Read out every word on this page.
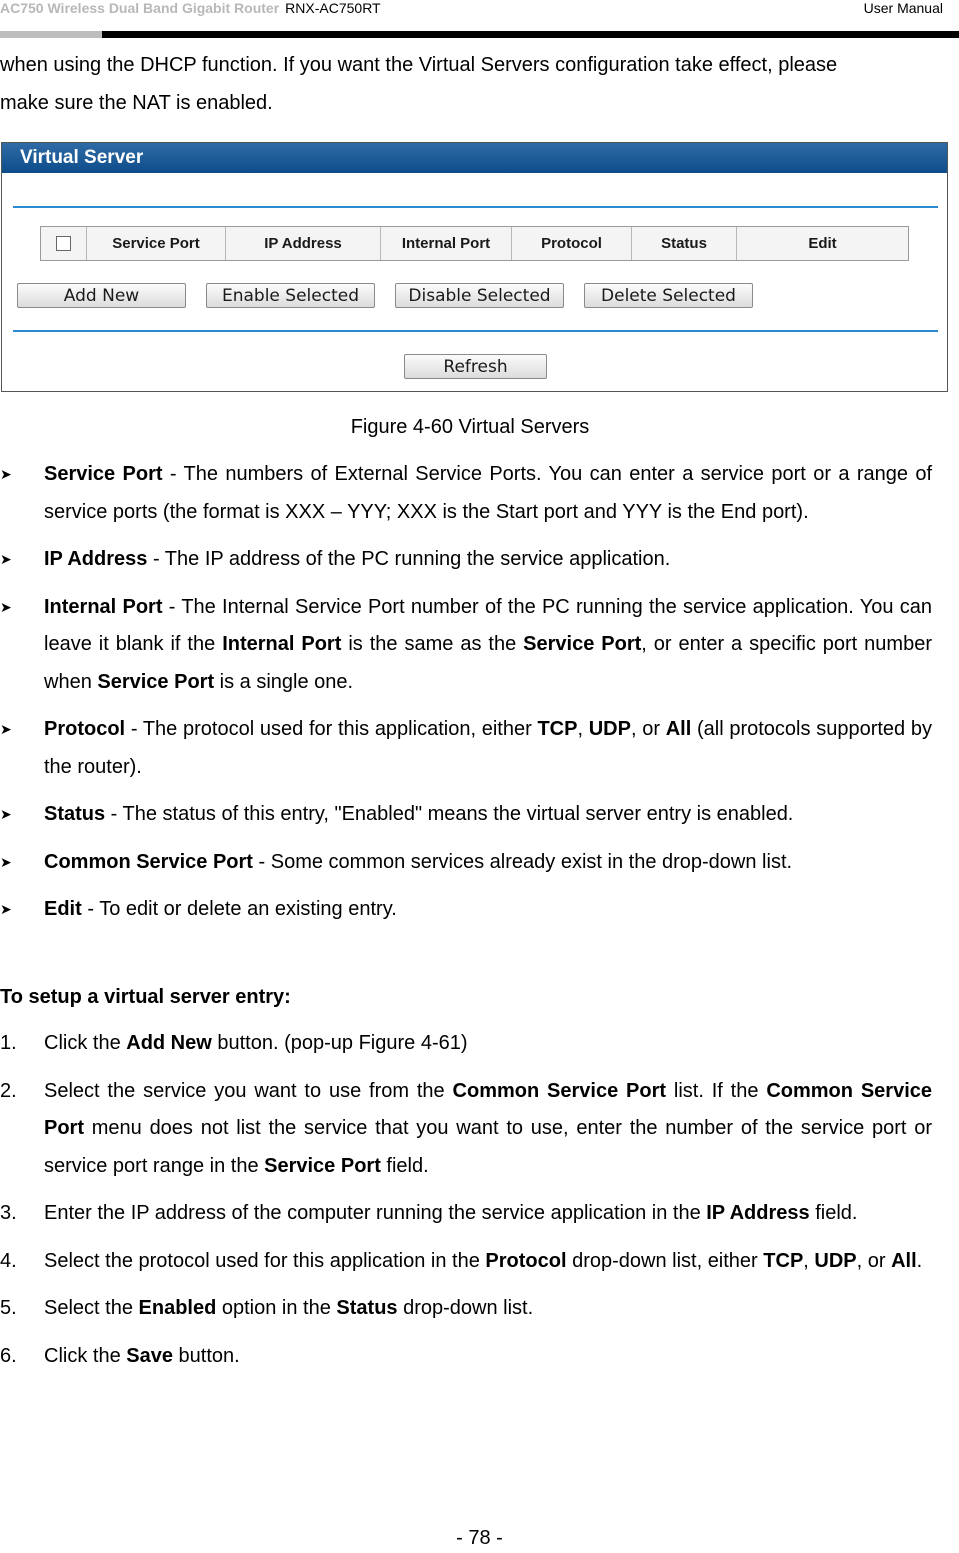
AC750 Wireless Dual Band Gigabit Router RNX-AC750RT	User Manual
when using the DHCP function. If you want the Virtual Servers configuration take effect, please
make sure the NAT is enabled.
Virtual Server
Service Port	IP Address	Internal Port	Protocol	Status	Edit
Add New	Enable Selected	Disable Selected	Delete Selected
Refresh
Figure 4-60 Virtual Servers
➤ Service Port - The numbers of External Service Ports. You can enter a service port or a range of service ports (the format is XXX – YYY; XXX is the Start port and YYY is the End port).
➤ IP Address - The IP address of the PC running the service application.
➤ Internal Port - The Internal Service Port number of the PC running the service application. You can leave it blank if the Internal Port is the same as the Service Port, or enter a specific port number when Service Port is a single one.
➤ Protocol - The protocol used for this application, either TCP, UDP, or All (all protocols supported by the router).
➤ Status - The status of this entry, "Enabled" means the virtual server entry is enabled.
➤ Common Service Port - Some common services already exist in the drop-down list.
➤ Edit - To edit or delete an existing entry.
To setup a virtual server entry:
1. Click the Add New button. (pop-up Figure 4-61)
2. Select the service you want to use from the Common Service Port list. If the Common Service Port menu does not list the service that you want to use, enter the number of the service port or service port range in the Service Port field.
3. Enter the IP address of the computer running the service application in the IP Address field.
4. Select the protocol used for this application in the Protocol drop-down list, either TCP, UDP, or All.
5. Select the Enabled option in the Status drop-down list.
6. Click the Save button.
- 78 -
